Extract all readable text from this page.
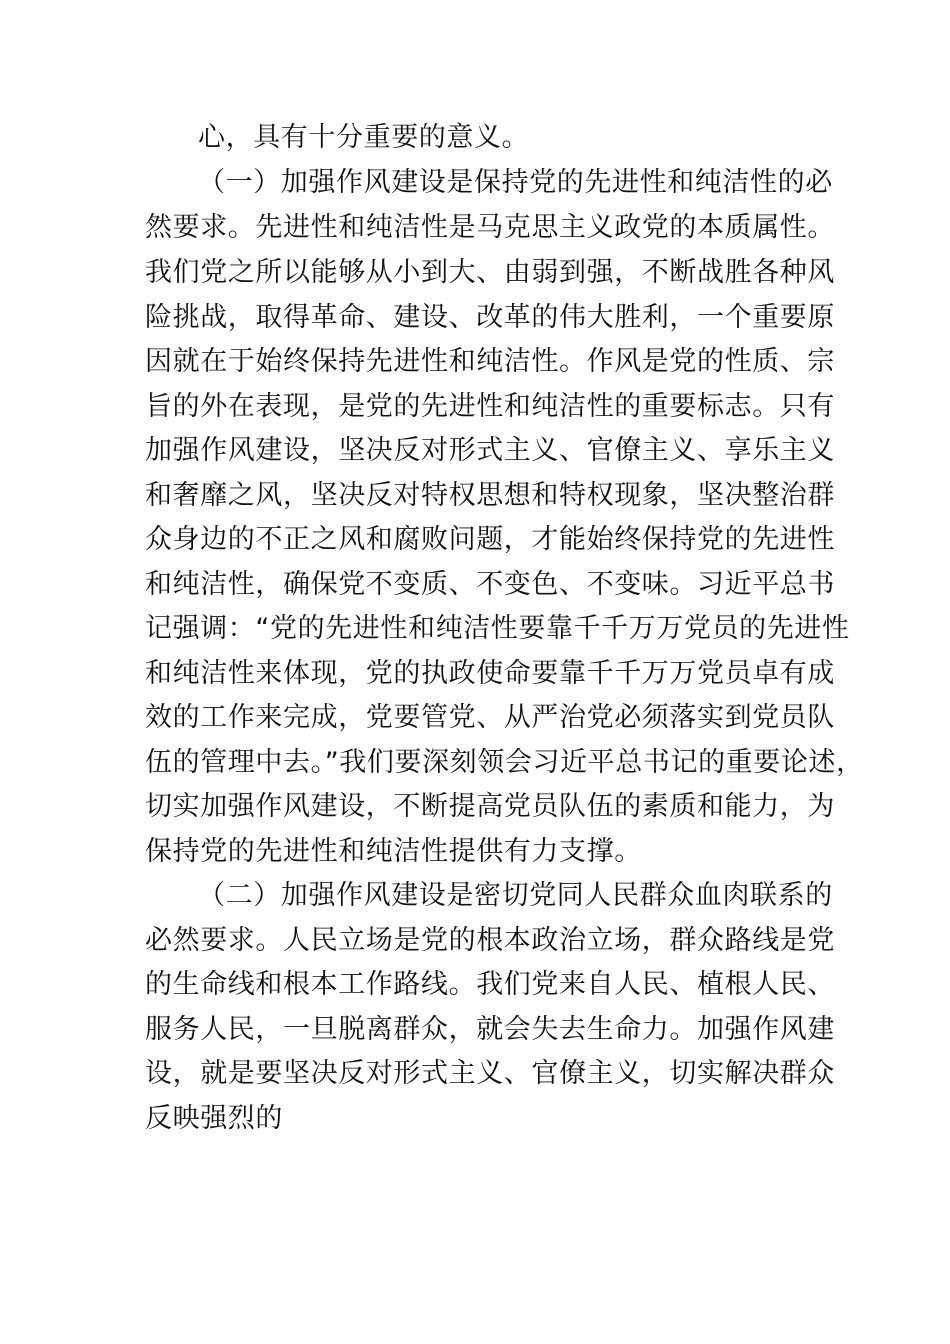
心，具有十分重要的意义。
（一）加强作风建设是保持党的先进性和纯洁性的必
然要求。先进性和纯洁性是马克思主义政党的本质属性。
我们党之所以能够从小到大、由弱到强，不断战胜各种风
险挑战，取得革命、建设、改革的伟大胜利，一个重要原
因就在于始终保持先进性和纯洁性。作风是党的性质、宗
旨的外在表现，是党的先进性和纯洁性的重要标志。只有
加强作风建设，坚决反对形式主义、官僚主义、享乐主义
和奢靡之风，坚决反对特权思想和特权现象，坚决整治群
众身边的不正之风和腐败问题，才能始终保持党的先进性
和纯洁性，确保党不变质、不变色、不变味。习近平总书
记强调：“党的先进性和纯洁性要靠千千万万党员的先进性
和纯洁性来体现，党的执政使命要靠千千万万党员卓有成
效的工作来完成，党要管党、从严治党必须落实到党员队
伍的管理中去。”我们要深刻领会习近平总书记的重要论述，
切实加强作风建设，不断提高党员队伍的素质和能力，为
保持党的先进性和纯洁性提供有力支撑。
（二）加强作风建设是密切党同人民群众血肉联系的
必然要求。人民立场是党的根本政治立场，群众路线是党
的生命线和根本工作路线。我们党来自人民、植根人民、
服务人民，一旦脱离群众，就会失去生命力。加强作风建
设，就是要坚决反对形式主义、官僚主义，切实解决群众
反映强烈的
